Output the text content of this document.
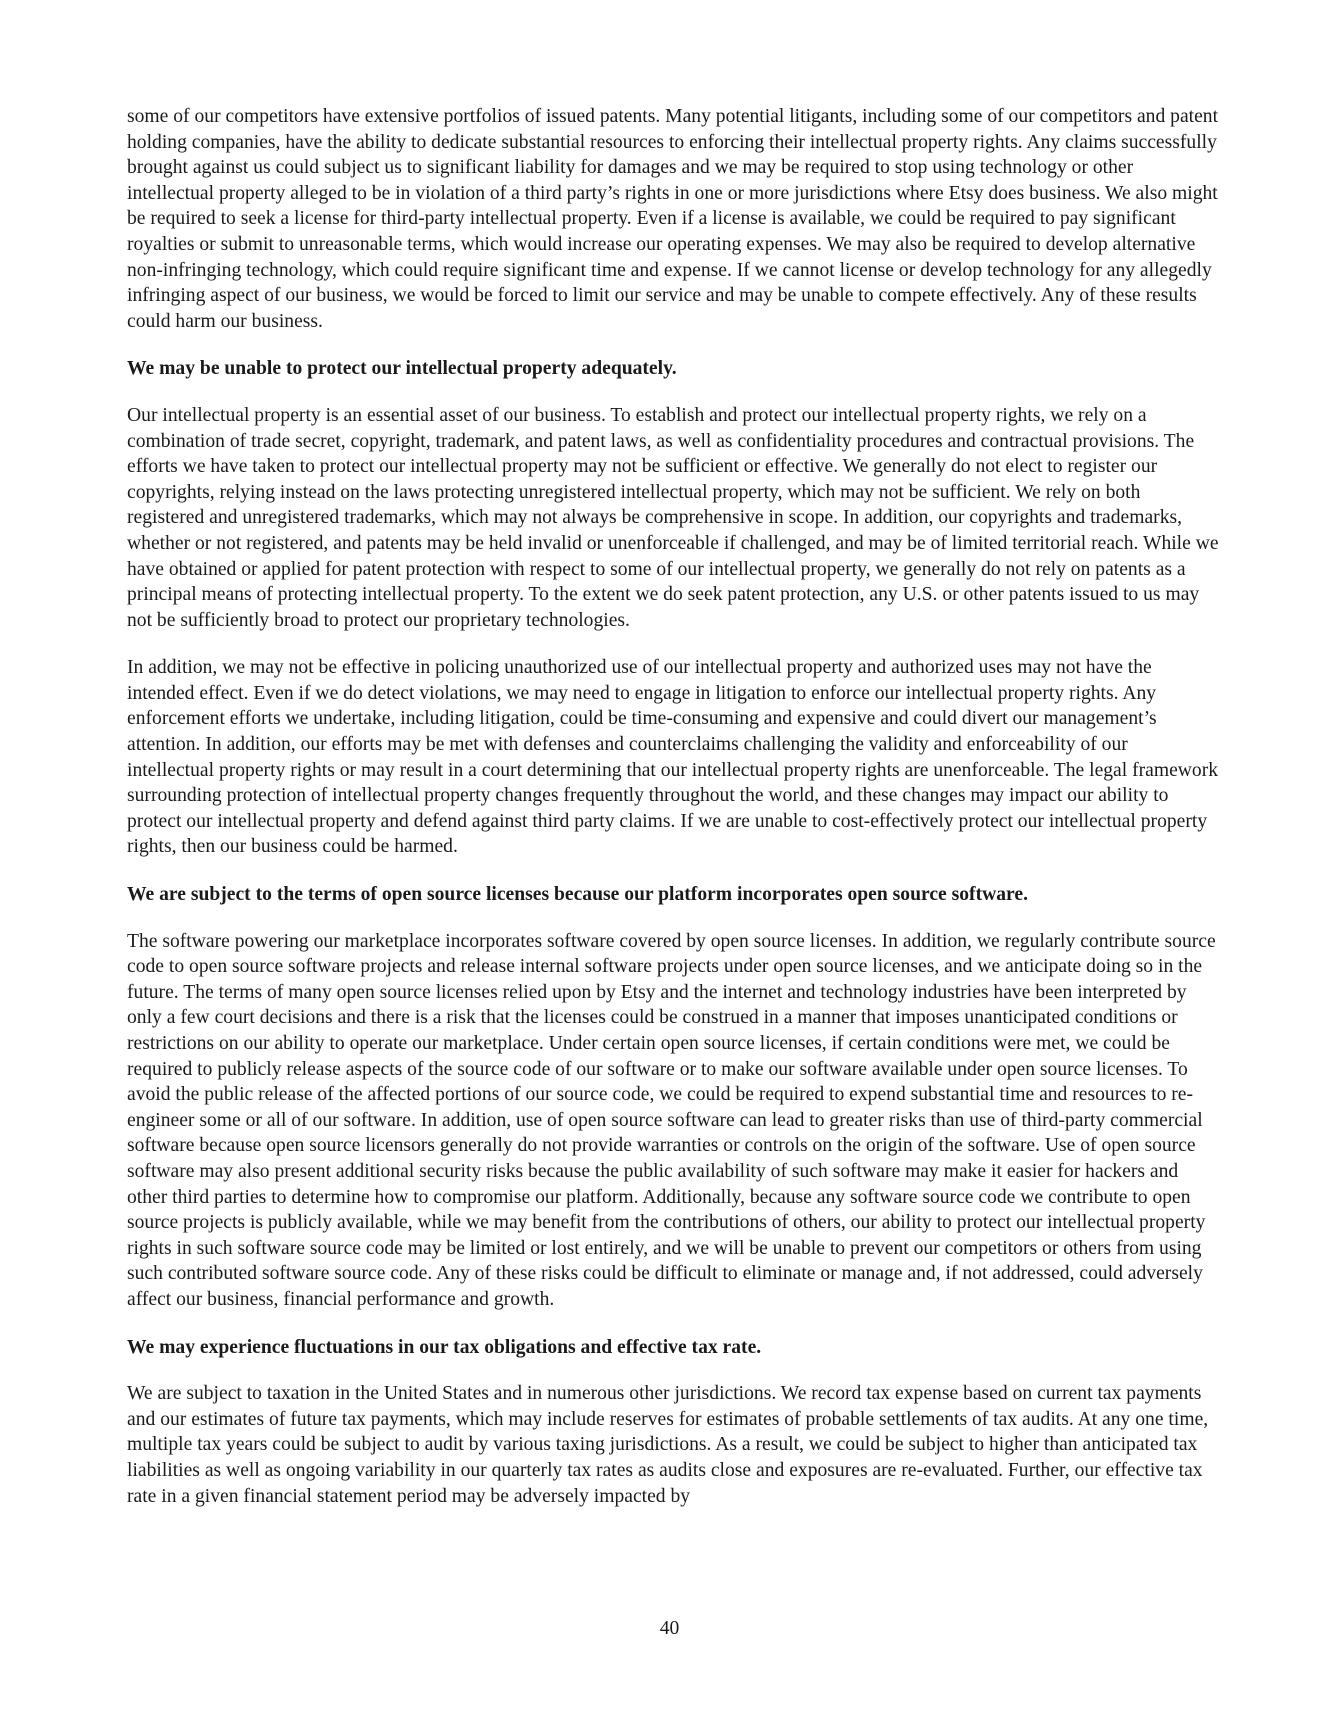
some of our competitors have extensive portfolios of issued patents. Many potential litigants, including some of our competitors and patent holding companies, have the ability to dedicate substantial resources to enforcing their intellectual property rights. Any claims successfully brought against us could subject us to significant liability for damages and we may be required to stop using technology or other intellectual property alleged to be in violation of a third party’s rights in one or more jurisdictions where Etsy does business. We also might be required to seek a license for third-party intellectual property. Even if a license is available, we could be required to pay significant royalties or submit to unreasonable terms, which would increase our operating expenses. We may also be required to develop alternative non-infringing technology, which could require significant time and expense. If we cannot license or develop technology for any allegedly infringing aspect of our business, we would be forced to limit our service and may be unable to compete effectively. Any of these results could harm our business.

We may be unable to protect our intellectual property adequately.

Our intellectual property is an essential asset of our business. To establish and protect our intellectual property rights, we rely on a combination of trade secret, copyright, trademark, and patent laws, as well as confidentiality procedures and contractual provisions. The efforts we have taken to protect our intellectual property may not be sufficient or effective. We generally do not elect to register our copyrights, relying instead on the laws protecting unregistered intellectual property, which may not be sufficient. We rely on both registered and unregistered trademarks, which may not always be comprehensive in scope. In addition, our copyrights and trademarks, whether or not registered, and patents may be held invalid or unenforceable if challenged, and may be of limited territorial reach. While we have obtained or applied for patent protection with respect to some of our intellectual property, we generally do not rely on patents as a principal means of protecting intellectual property. To the extent we do seek patent protection, any U.S. or other patents issued to us may not be sufficiently broad to protect our proprietary technologies.

In addition, we may not be effective in policing unauthorized use of our intellectual property and authorized uses may not have the intended effect. Even if we do detect violations, we may need to engage in litigation to enforce our intellectual property rights. Any enforcement efforts we undertake, including litigation, could be time-consuming and expensive and could divert our management’s attention. In addition, our efforts may be met with defenses and counterclaims challenging the validity and enforceability of our intellectual property rights or may result in a court determining that our intellectual property rights are unenforceable. The legal framework surrounding protection of intellectual property changes frequently throughout the world, and these changes may impact our ability to protect our intellectual property and defend against third party claims. If we are unable to cost-effectively protect our intellectual property rights, then our business could be harmed.

We are subject to the terms of open source licenses because our platform incorporates open source software.

The software powering our marketplace incorporates software covered by open source licenses. In addition, we regularly contribute source code to open source software projects and release internal software projects under open source licenses, and we anticipate doing so in the future. The terms of many open source licenses relied upon by Etsy and the internet and technology industries have been interpreted by only a few court decisions and there is a risk that the licenses could be construed in a manner that imposes unanticipated conditions or restrictions on our ability to operate our marketplace. Under certain open source licenses, if certain conditions were met, we could be required to publicly release aspects of the source code of our software or to make our software available under open source licenses. To avoid the public release of the affected portions of our source code, we could be required to expend substantial time and resources to re-engineer some or all of our software. In addition, use of open source software can lead to greater risks than use of third-party commercial software because open source licensors generally do not provide warranties or controls on the origin of the software. Use of open source software may also present additional security risks because the public availability of such software may make it easier for hackers and other third parties to determine how to compromise our platform. Additionally, because any software source code we contribute to open source projects is publicly available, while we may benefit from the contributions of others, our ability to protect our intellectual property rights in such software source code may be limited or lost entirely, and we will be unable to prevent our competitors or others from using such contributed software source code. Any of these risks could be difficult to eliminate or manage and, if not addressed, could adversely affect our business, financial performance and growth.

We may experience fluctuations in our tax obligations and effective tax rate.

We are subject to taxation in the United States and in numerous other jurisdictions. We record tax expense based on current tax payments and our estimates of future tax payments, which may include reserves for estimates of probable settlements of tax audits. At any one time, multiple tax years could be subject to audit by various taxing jurisdictions. As a result, we could be subject to higher than anticipated tax liabilities as well as ongoing variability in our quarterly tax rates as audits close and exposures are re-evaluated. Further, our effective tax rate in a given financial statement period may be adversely impacted by

40
